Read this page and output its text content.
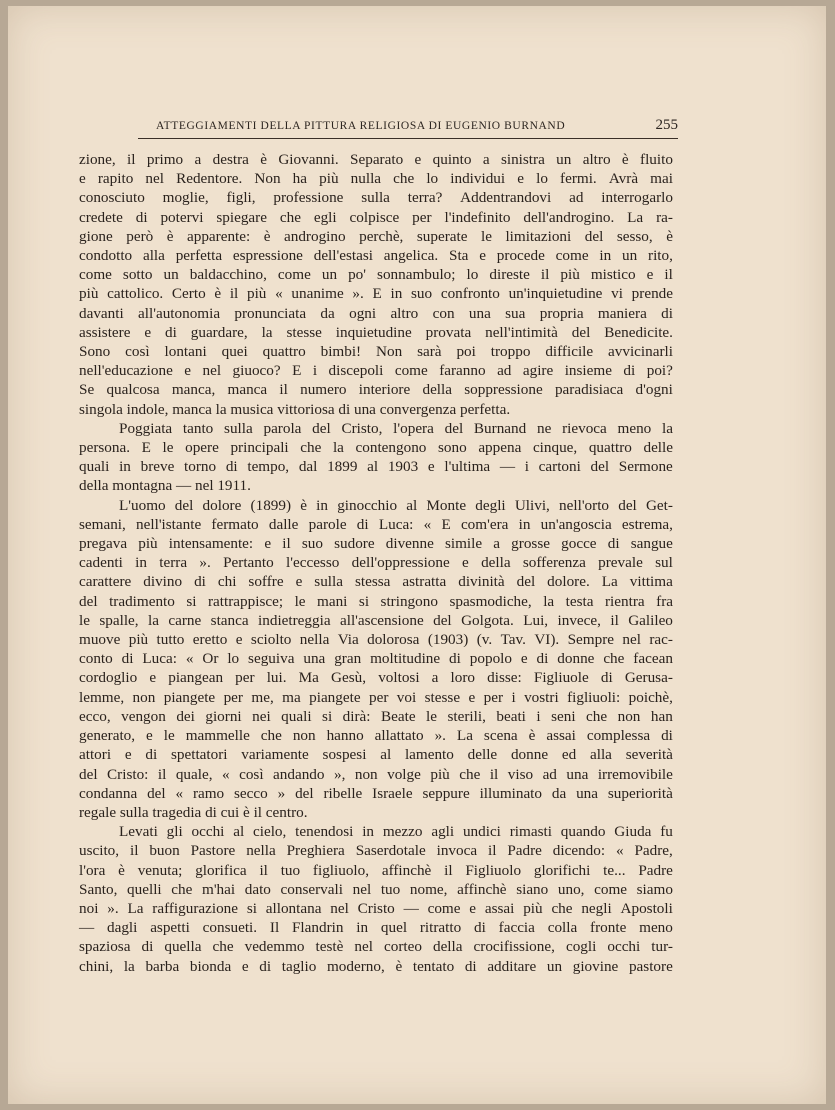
ATTEGGIAMENTI DELLA PITTURA RELIGIOSA DI EUGENIO BURNAND	255
zione, il primo a destra è Giovanni. Separato e quinto a sinistra un altro è fluito
e rapito nel Redentore. Non ha più nulla che lo individui e lo fermi. Avrà mai
conosciuto moglie, figli, professione sulla terra? Addentrandovi ad interrogarlo
credete di potervi spiegare che egli colpisce per l'indefinito dell'androgino. La ra-
gione però è apparente: è androgino perchè, superate le limitazioni del sesso, è
condotto alla perfetta espressione dell'estasi angelica. Sta e procede come in un rito,
come sotto un baldacchino, come un po' sonnambulo; lo direste il più mistico e il
più cattolico. Certo è il più « unanime ». E in suo confronto un'inquietudine vi prende
davanti all'autonomia pronunciata da ogni altro con una sua propria maniera di
assistere e di guardare, la stesse inquietudine provata nell'intimità del Benedicite.
Sono così lontani quei quattro bimbi! Non sarà poi troppo difficile avvicinarli
nell'educazione e nel giuoco? E i discepoli come faranno ad agire insieme di poi?
Se qualcosa manca, manca il numero interiore della soppressione paradisiaca d'ogni
singola indole, manca la musica vittoriosa di una convergenza perfetta.
Poggiata tanto sulla parola del Cristo, l'opera del Burnand ne rievoca meno la
persona. E le opere principali che la contengono sono appena cinque, quattro delle
quali in breve torno di tempo, dal 1899 al 1903 e l'ultima — i cartoni del Sermone
della montagna — nel 1911.
L'uomo del dolore (1899) è in ginocchio al Monte degli Ulivi, nell'orto del Get-
semani, nell'istante fermato dalle parole di Luca: « E com'era in un'angoscia estrema,
pregava più intensamente: e il suo sudore divenne simile a grosse gocce di sangue
cadenti in terra ». Pertanto l'eccesso dell'oppressione e della sofferenza prevale sul
carattere divino di chi soffre e sulla stessa astratta divinità del dolore. La vittima
del tradimento si rattrappisce; le mani si stringono spasmodiche, la testa rientra fra
le spalle, la carne stanca indietreggia all'ascensione del Golgota. Lui, invece, il Galileo
muove più tutto eretto e sciolto nella Via dolorosa (1903) (v. Tav. VI). Sempre nel rac-
conto di Luca: « Or lo seguiva una gran moltitudine di popolo e di donne che facean
cordoglio e piangean per lui. Ma Gesù, voltosi a loro disse: Figliuole di Gerusa-
lemme, non piangete per me, ma piangete per voi stesse e per i vostri figliuoli: poichè,
ecco, vengon dei giorni nei quali si dirà: Beate le sterili, beati i seni che non han
generato, e le mammelle che non hanno allattato ». La scena è assai complessa di
attori e di spettatori variamente sospesi al lamento delle donne ed alla severità
del Cristo: il quale, « così andando », non volge più che il viso ad una irremovibile
condanna del « ramo secco » del ribelle Israele seppure illuminato da una superiorità
regale sulla tragedia di cui è il centro.
Levati gli occhi al cielo, tenendosi in mezzo agli undici rimasti quando Giuda fu
uscito, il buon Pastore nella Preghiera Saserdotale invoca il Padre dicendo: « Padre,
l'ora è venuta; glorifica il tuo figliuolo, affinchè il Figliuolo glorifichi te... Padre
Santo, quelli che m'hai dato conservali nel tuo nome, affinchè siano uno, come siamo
noi ». La raffigurazione si allontana nel Cristo — come e assai più che negli Apostoli
— dagli aspetti consueti. Il Flandrin in quel ritratto di faccia colla fronte meno
spaziosa di quella che vedemmo testè nel corteo della crocifissione, cogli occhi tur-
chini, la barba bionda e di taglio moderno, è tentato di additare un giovine pastore
